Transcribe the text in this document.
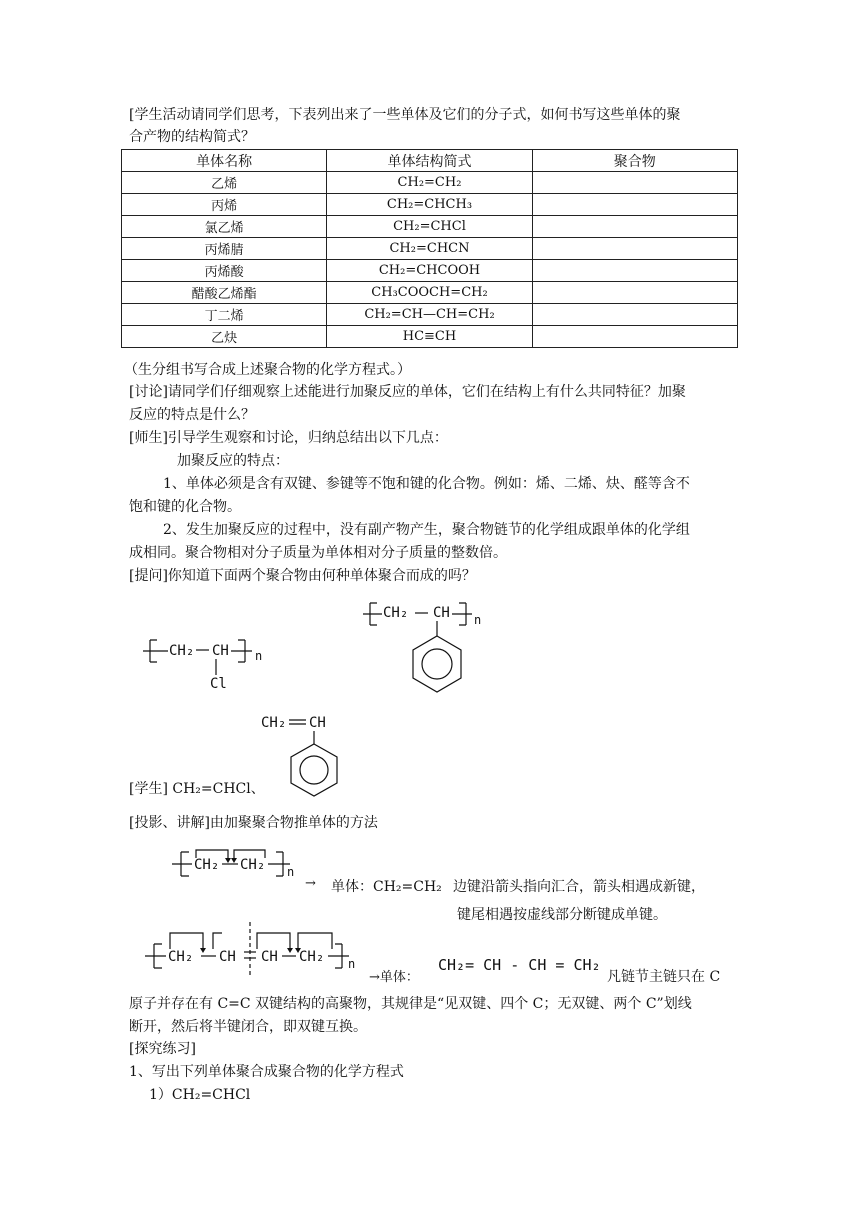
[学生活动请同学们思考，下表列出来了一些单体及它们的分子式，如何书写这些单体的聚
合产物的结构简式？
单体名称	单体结构简式	聚合物
乙烯	CH₂=CH₂	
丙烯	CH₂=CHCH₃	
氯乙烯	CH₂=CHCl	
丙烯腈	CH₂=CHCN	
丙烯酸	CH₂=CHCOOH	
醋酸乙烯酯	CH₃COOCH=CH₂	
丁二烯	CH₂=CH—CH=CH₂	
乙炔	HC≡CH	
（生分组书写合成上述聚合物的化学方程式。）
[讨论]请同学们仔细观察上述能进行加聚反应的单体，它们在结构上有什么共同特征？加聚
反应的特点是什么？
[师生]引导学生观察和讨论，归纳总结出以下几点：
加聚反应的特点：
1、单体必须是含有双键、参键等不饱和键的化合物。例如：烯、二烯、炔、醛等含不
饱和键的化合物。
2、发生加聚反应的过程中，没有副产物产生，聚合物链节的化学组成跟单体的化学组
成相同。聚合物相对分子质量为单体相对分子质量的整数倍。
[提问]你知道下面两个聚合物由何种单体聚合而成的吗？
CH₂ CH
Cl
n
CH₂ CH n
CH₂ CH
[学生] CH₂=CHCl、
[投影、讲解]由加聚聚合物推单体的方法
CH₂ CH₂ n
→ 单体：CH₂=CH₂ 边键沿箭头指向汇合，箭头相遇成新键，
键尾相遇按虚线部分断键成单键。
CH₂ CH CH CH₂ n
→单体：
CH₂= CH - CH = CH₂
凡链节主链只在 C
原子并存在有 C=C 双键结构的高聚物，其规律是“见双键、四个 C；无双键、两个 C”划线
断开，然后将半键闭合，即双键互换。
[探究练习]
1、写出下列单体聚合成聚合物的化学方程式
1）CH₂=CHCl
